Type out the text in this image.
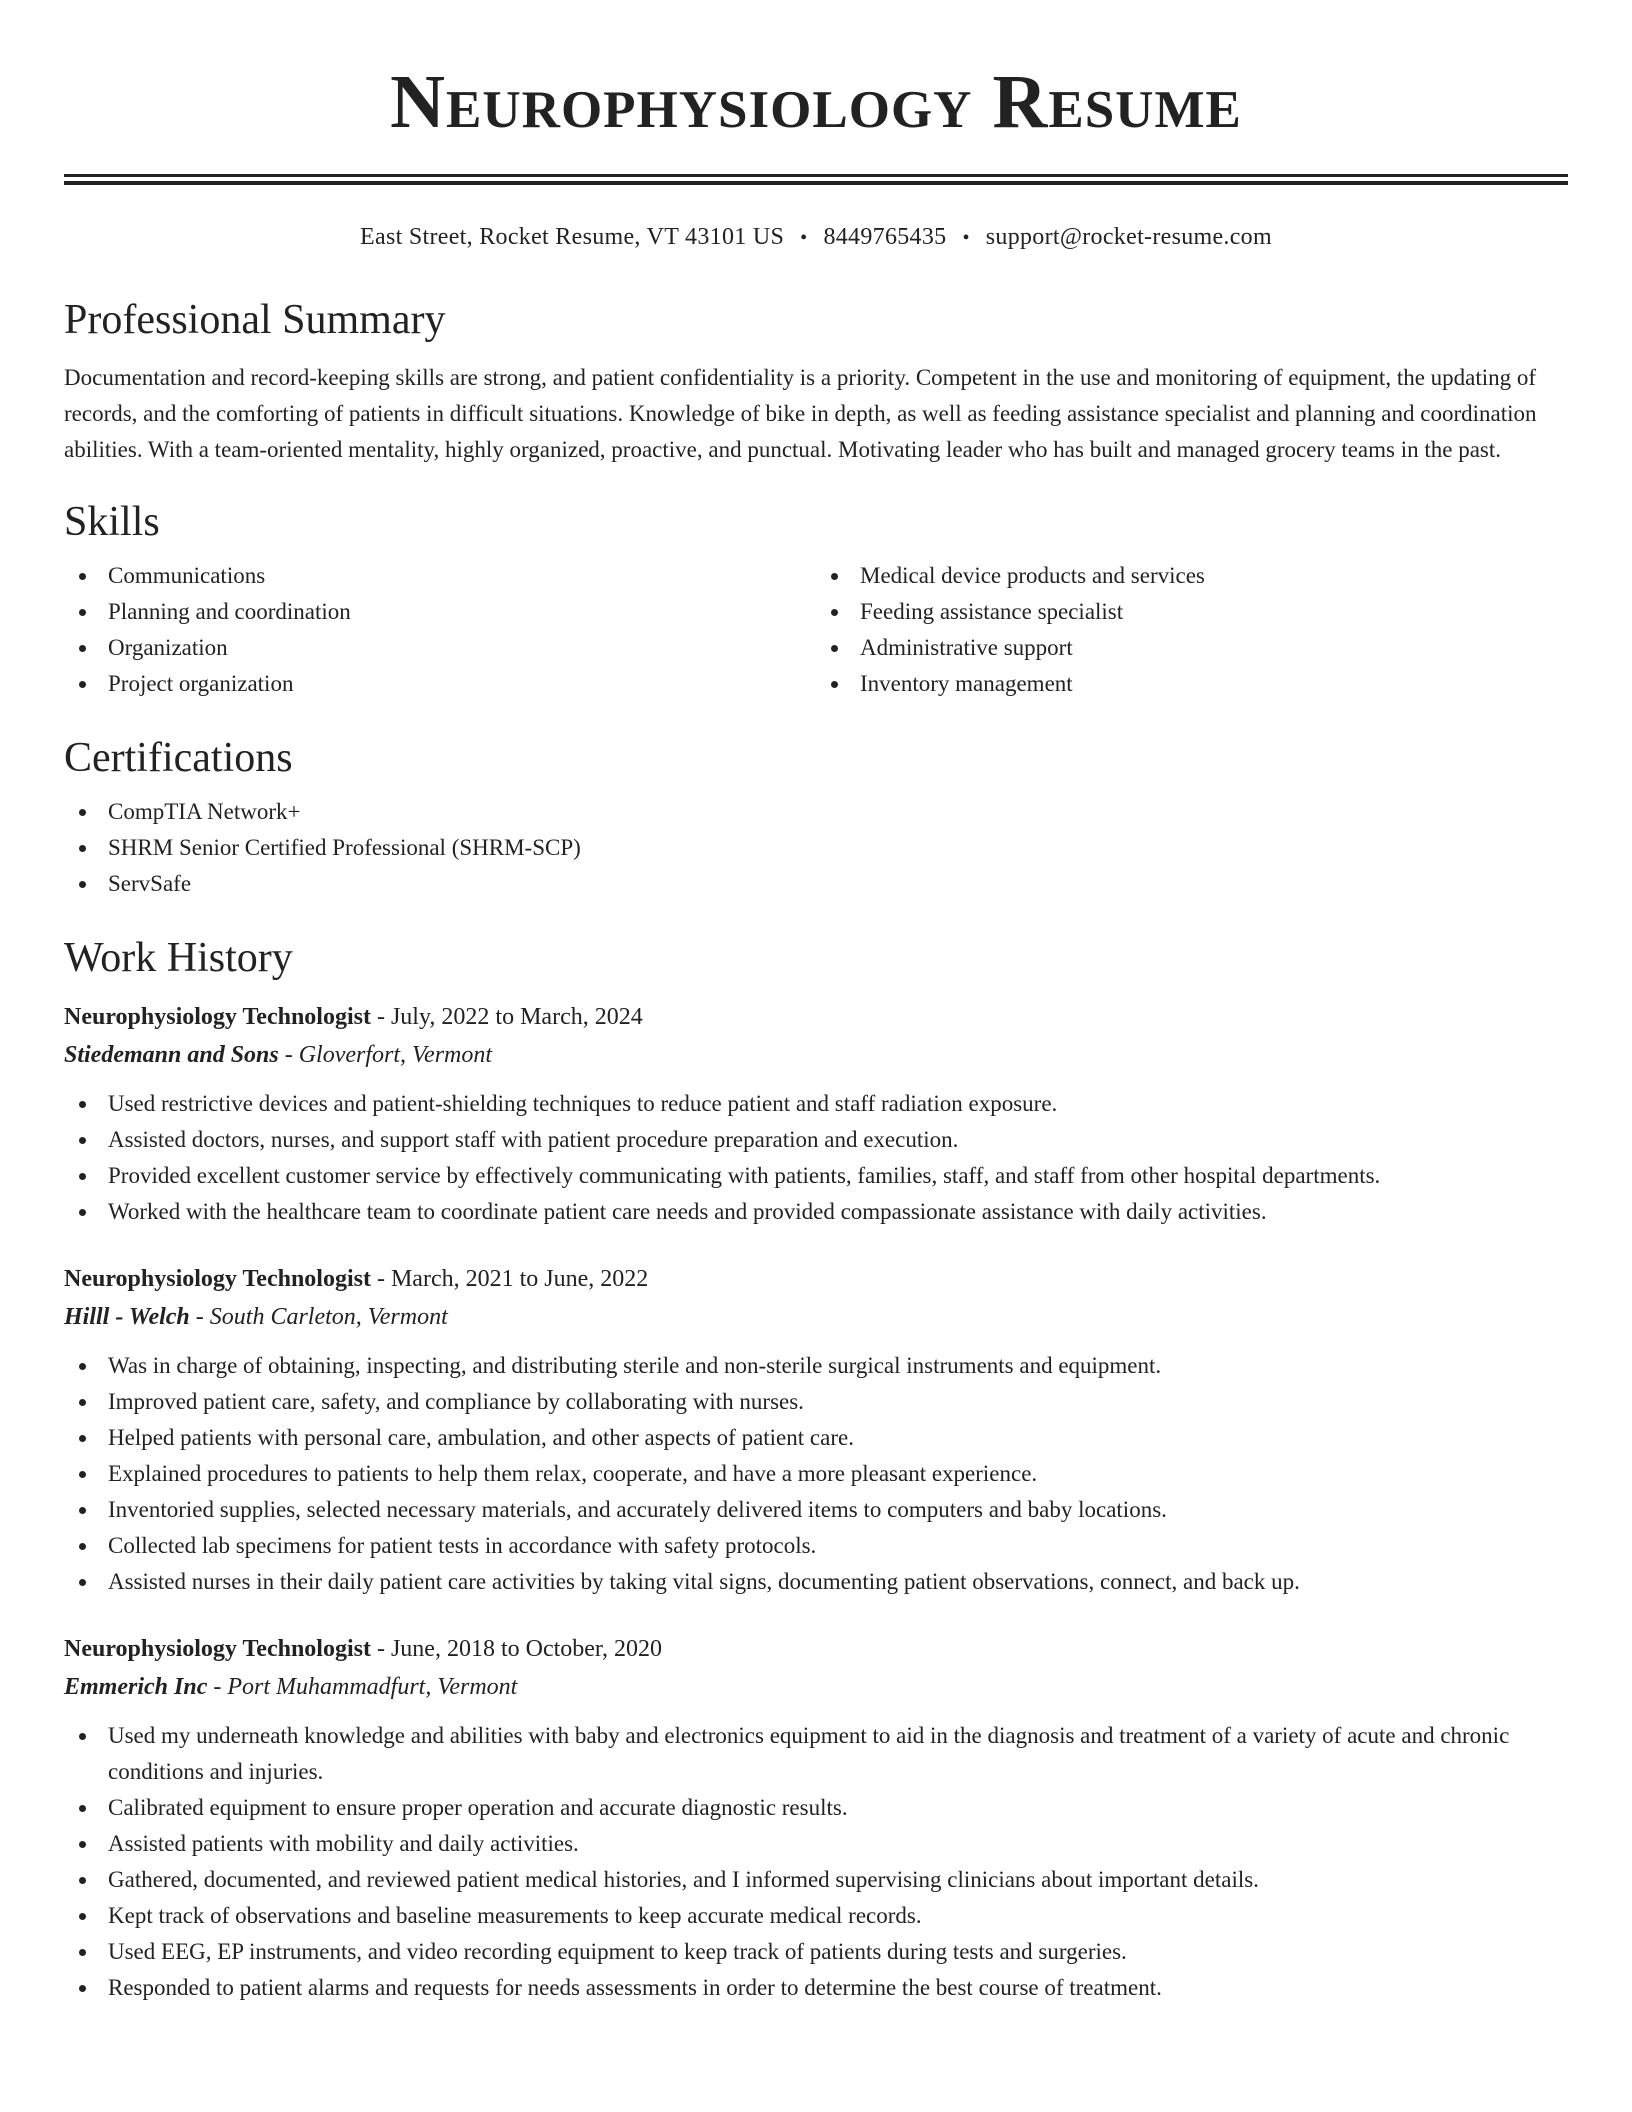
Neurophysiology Resume
East Street, Rocket Resume, VT 43101 US • 8449765435 • support@rocket-resume.com
Professional Summary

Documentation and record-keeping skills are strong, and patient confidentiality is a priority. Competent in the use and monitoring of equipment, the updating of records, and the comforting of patients in difficult situations. Knowledge of bike in depth, as well as feeding assistance specialist and planning and coordination abilities. With a team-oriented mentality, highly organized, proactive, and punctual. Motivating leader who has built and managed grocery teams in the past.

Skills
Communications
Planning and coordination
Organization
Project organization
Medical device products and services
Feeding assistance specialist
Administrative support
Inventory management
Certifications
CompTIA Network+
SHRM Senior Certified Professional (SHRM-SCP)
ServSafe
Work History
Neurophysiology Technologist - July, 2022 to March, 2024
Stiedemann and Sons - Gloverfort, Vermont
Used restrictive devices and patient-shielding techniques to reduce patient and staff radiation exposure.
Assisted doctors, nurses, and support staff with patient procedure preparation and execution.
Provided excellent customer service by effectively communicating with patients, families, staff, and staff from other hospital departments.
Worked with the healthcare team to coordinate patient care needs and provided compassionate assistance with daily activities.
Neurophysiology Technologist - March, 2021 to June, 2022
Hilll - Welch - South Carleton, Vermont
Was in charge of obtaining, inspecting, and distributing sterile and non-sterile surgical instruments and equipment.
Improved patient care, safety, and compliance by collaborating with nurses.
Helped patients with personal care, ambulation, and other aspects of patient care.
Explained procedures to patients to help them relax, cooperate, and have a more pleasant experience.
Inventoried supplies, selected necessary materials, and accurately delivered items to computers and baby locations.
Collected lab specimens for patient tests in accordance with safety protocols.
Assisted nurses in their daily patient care activities by taking vital signs, documenting patient observations, connect, and back up.
Neurophysiology Technologist - June, 2018 to October, 2020
Emmerich Inc - Port Muhammadfurt, Vermont
Used my underneath knowledge and abilities with baby and electronics equipment to aid in the diagnosis and treatment of a variety of acute and chronic conditions and injuries.
Calibrated equipment to ensure proper operation and accurate diagnostic results.
Assisted patients with mobility and daily activities.
Gathered, documented, and reviewed patient medical histories, and I informed supervising clinicians about important details.
Kept track of observations and baseline measurements to keep accurate medical records.
Used EEG, EP instruments, and video recording equipment to keep track of patients during tests and surgeries.
Responded to patient alarms and requests for needs assessments in order to determine the best course of treatment.
